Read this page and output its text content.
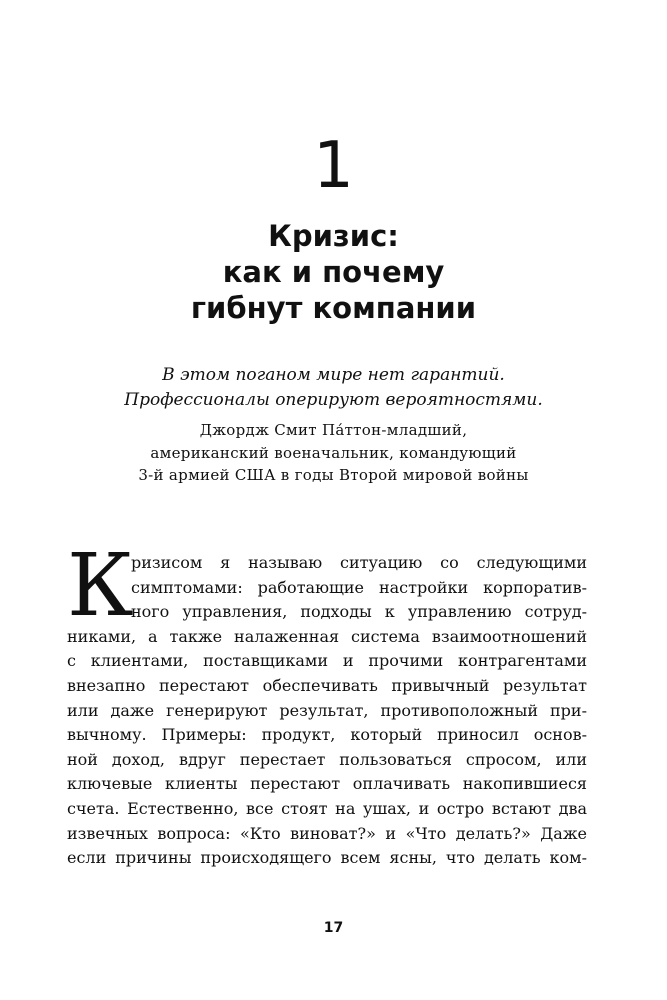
1
Кризис:
как и почему
гибнут компании
В этом поганом мире нет гарантий.
Профессионалы оперируют вероятностями.
Джордж Смит Па́ттон-младший,
американский военачальник, командующий
3-й армией США в годы Второй мировой войны
К
ризисом я называю ситуацию со следующими
симптомами: работающие настройки корпоратив-
ного управления, подходы к управлению сотруд-
никами, а также налаженная система взаимоотношений
с клиентами, поставщиками и прочими контрагентами
внезапно перестают обеспечивать привычный результат
или даже генерируют результат, противоположный при-
вычному. Примеры: продукт, который приносил основ-
ной доход, вдруг перестает пользоваться спросом, или
ключевые клиенты перестают оплачивать накопившиеся
счета. Естественно, все стоят на ушах, и остро встают два
извечных вопроса: «Кто виноват?» и «Что делать?» Даже
если причины происходящего всем ясны, что делать ком-
17
